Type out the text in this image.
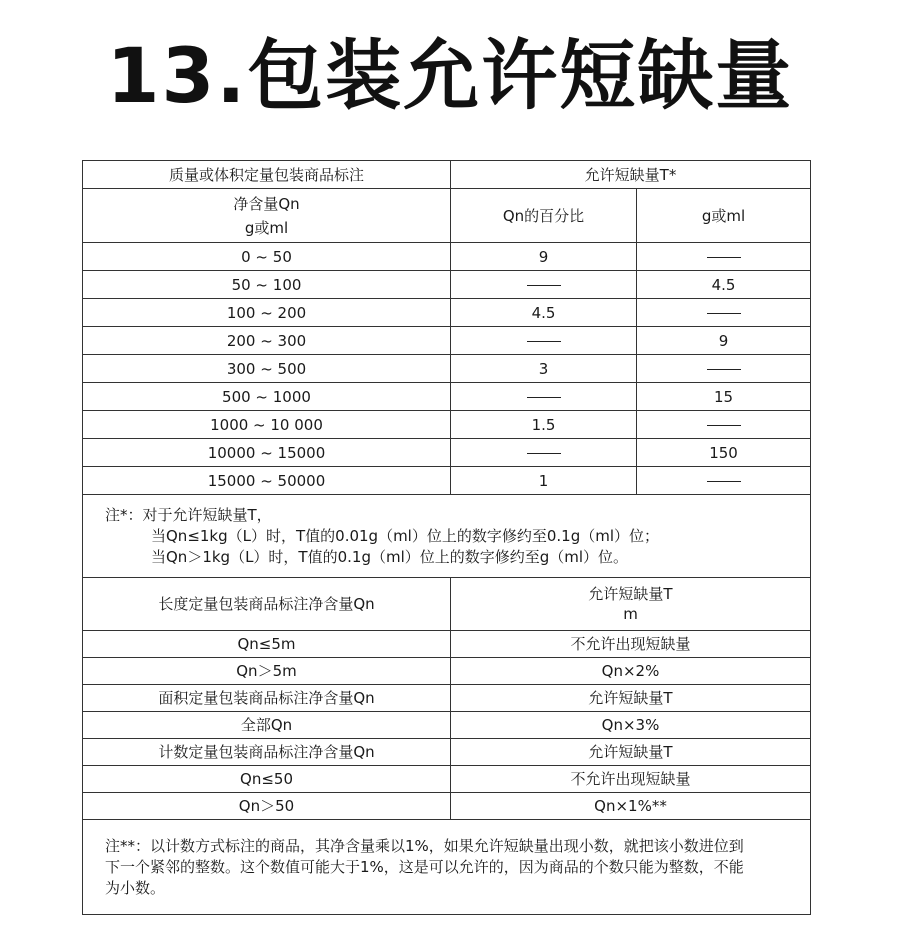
13.包装允许短缺量
质量或体积定量包装商品标注	允许短缺量T*	

净含量Qn
g或ml	Qn的百分比	g或ml
0 ~ 50	9	
50 ~ 100		4.5
100 ~ 200	4.5	
200 ~ 300		9
300 ~ 500	3	
500 ~ 1000		15
1000 ~ 10 000	1.5	
10000 ~ 15000		150
15000 ~ 50000	1	

注*：对于允许短缺量T，
当Qn≤1kg（L）时，T值的0.01g（ml）位上的数字修约至0.1g（ml）位；
当Qn＞1kg（L）时，T值的0.1g（ml）位上的数字修约至g（ml）位。		

长度定量包装商品标注净含量Qn	允许短缺量T
m	

Qn≤5m	不允许出现短缺量	
Qn＞5m	Qn×2%	
面积定量包装商品标注净含量Qn	允许短缺量T	
全部Qn	Qn×3%	
计数定量包装商品标注净含量Qn	允许短缺量T	
Qn≤50	不允许出现短缺量	
Qn＞50	Qn×1%**	

注**：以计数方式标注的商品，其净含量乘以1%，如果允许短缺量出现小数，就把该小数进位到
下一个紧邻的整数。这个数值可能大于1%，这是可以允许的，因为商品的个数只能为整数，不能
为小数。		
